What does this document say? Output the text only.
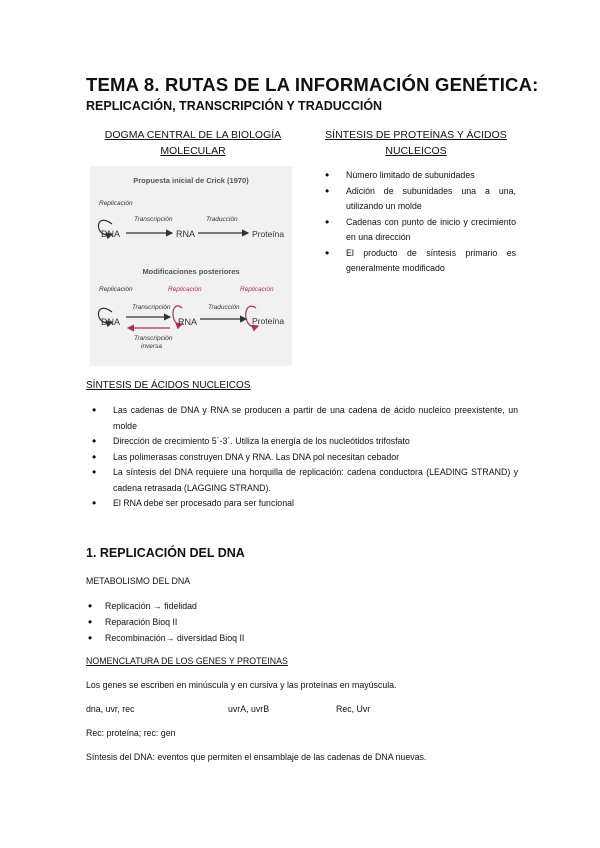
TEMA 8. RUTAS DE LA INFORMACIÓN GENÉTICA:
REPLICACIÓN, TRANSCRIPCIÓN Y TRADUCCIÓN
DOGMA CENTRAL DE LA BIOLOGÍA
MOLECULAR
Propuesta inicial de Crick (1970)
Replicación
DNA
Transcripción
RNA
Traducción
Proteína
Modificaciones posteriores
Replicación	Replicación	Replicación
DNA
Transcripción
Transcripción
inversa
RNA
Traducción
Proteína
SÍNTESIS DE PROTEÍNAS Y ÁCIDOS
NUCLEICOS
• Número limitado de subunidades
• Adición de subunidades una a una, utilizando un molde
• Cadenas con punto de inicio y crecimiento en una dirección
• El producto de síntesis primario es generalmente modificado
SÍNTESIS DE ÁCIDOS NUCLEICOS
• Las cadenas de DNA y RNA se producen a partir de una cadena de ácido nucleico preexistente, un molde
• Dirección de crecimiento 5´-3´. Utiliza la energía de los nucleótidos trifosfato
• Las polimerasas construyen DNA y RNA. Las DNA pol necesitan cebador
• La síntesis del DNA requiere una horquilla de replicación: cadena conductora (LEADING STRAND) y cadena retrasada (LAGGING STRAND).
• El RNA debe ser procesado para ser funcional
1. REPLICACIÓN DEL DNA
METABOLISMO DEL DNA
• Replicación → fidelidad
• Reparación Bioq II
• Recombinación→ diversidad Bioq II
NOMENCLATURA DE LOS GENES Y PROTEINAS
Los genes se escriben en minúscula y en cursiva y las proteínas en mayúscula.
dna, uvr, rec	uvrA, uvrB	Rec, Uvr
Rec: proteína; rec: gen
Síntesis del DNA: eventos que permiten el ensamblaje de las cadenas de DNA nuevas.
